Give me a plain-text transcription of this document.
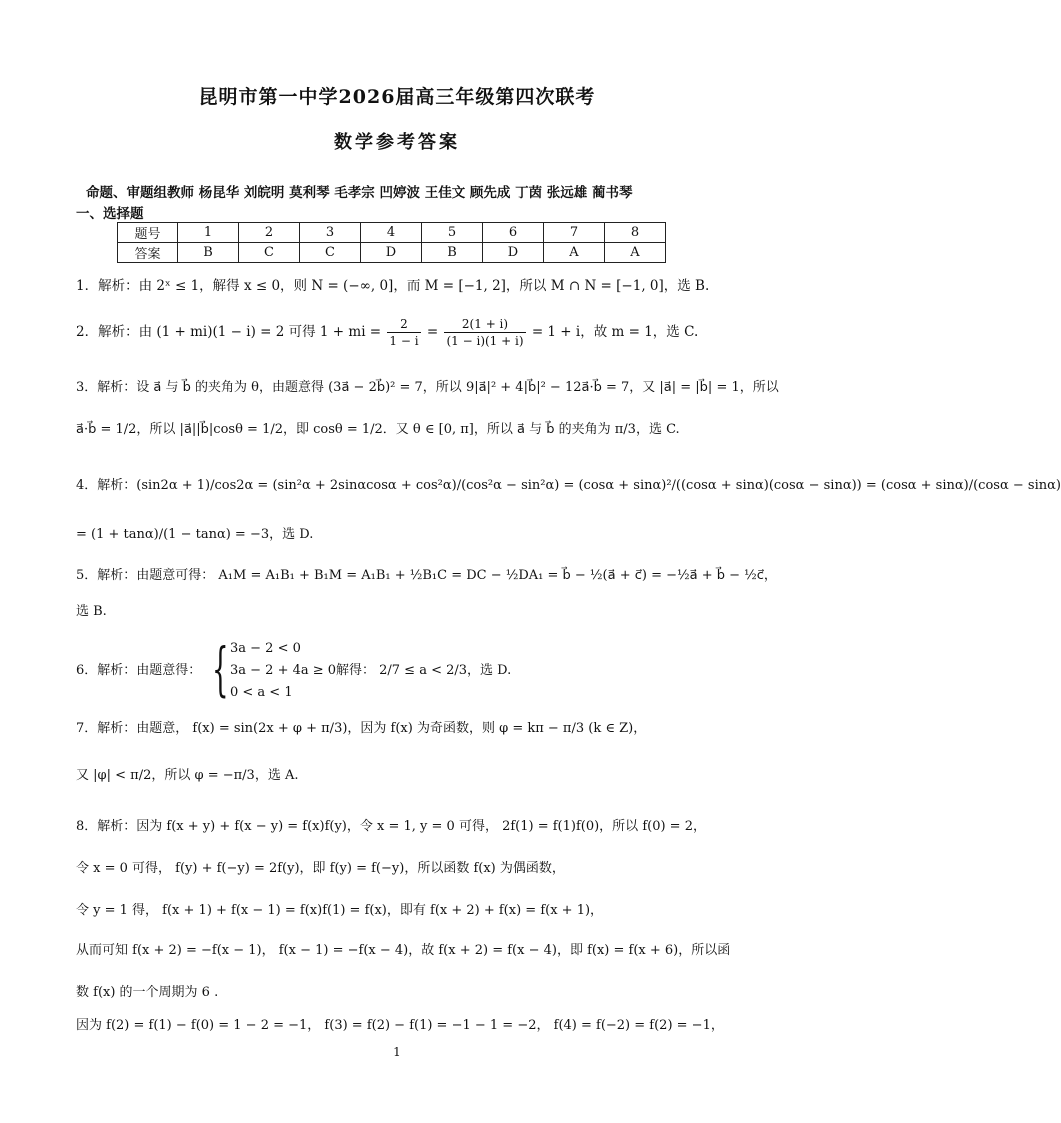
昆明市第一中学2026届高三年级第四次联考
数学参考答案
命题、审题组教师 杨昆华 刘皖明 莫利琴 毛孝宗 凹婷波 王佳文 顾先成 丁茵 张远雄 蔺书琴
一、选择题
题号	1	2	3	4	5	6	7	8
答案	B	C	C	D	B	D	A	A
1．解析：由 2ˣ ≤ 1，解得 x ≤ 0，则 N = (−∞, 0]，而 M = [−1, 2]，所以 M ∩ N = [−1, 0]，选 B.
2．解析：由 (1 + mi)(1 − i) = 2 可得 1 + mi = $\frac{2}{1 - i} = \frac{2(1 + i)}{(1 - i)(1 + i)} = 1 + i$，故 m = 1，选 C.
3．解析：设 a⃗ 与 b⃗ 的夹角为 θ，由题意得 (3a⃗ − 2b⃗)² = 7，所以 9|a⃗|² + 4|b⃗|² − 12a⃗·b⃗ = 7，又 |a⃗| = |b⃗| = 1，所以
a⃗·b⃗ = 1/2，所以 |a⃗||b⃗|cosθ = 1/2，即 cosθ = 1/2．又 θ ∈ [0, π]，所以 a⃗ 与 b⃗ 的夹角为 π/3，选 C.
4．解析：(sin2α + 1)/cos2α = (sin²α + 2sinαcosα + cos²α)/(cos²α − sin²α) = (cosα + sinα)²/((cosα + sinα)(cosα − sinα)) = (cosα + sinα)/(cosα − sinα)
= (1 + tanα)/(1 − tanα) = −3，选 D.
5．解析：由题意可得： A₁M = A₁B₁ + B₁M = A₁B₁ + ½B₁C = DC − ½DA₁ = b⃗ − ½(a⃗ + c⃗) = −½a⃗ + b⃗ − ½c⃗，
选 B.
6．解析：由题意得： { 3a − 2 < 0
3a − 2 + 4a ≥ 0
0 < a < 1
解得： 2/7 ≤ a < 2/3，选 D.
7．解析：由题意， f(x) = sin(2x + φ + π/3)，因为 f(x) 为奇函数，则 φ = kπ − π/3 (k ∈ Z)，
又 |φ| < π/2，所以 φ = −π/3，选 A.
8．解析：因为 f(x + y) + f(x − y) = f(x)f(y)，令 x = 1, y = 0 可得， 2f(1) = f(1)f(0)，所以 f(0) = 2，
令 x = 0 可得， f(y) + f(−y) = 2f(y)，即 f(y) = f(−y)，所以函数 f(x) 为偶函数，
令 y = 1 得， f(x + 1) + f(x − 1) = f(x)f(1) = f(x)，即有 f(x + 2) + f(x) = f(x + 1)，
从而可知 f(x + 2) = −f(x − 1)， f(x − 1) = −f(x − 4)，故 f(x + 2) = f(x − 4)，即 f(x) = f(x + 6)，所以函
数 f(x) 的一个周期为 6 .
因为 f(2) = f(1) − f(0) = 1 − 2 = −1， f(3) = f(2) − f(1) = −1 − 1 = −2， f(4) = f(−2) = f(2) = −1，
1
